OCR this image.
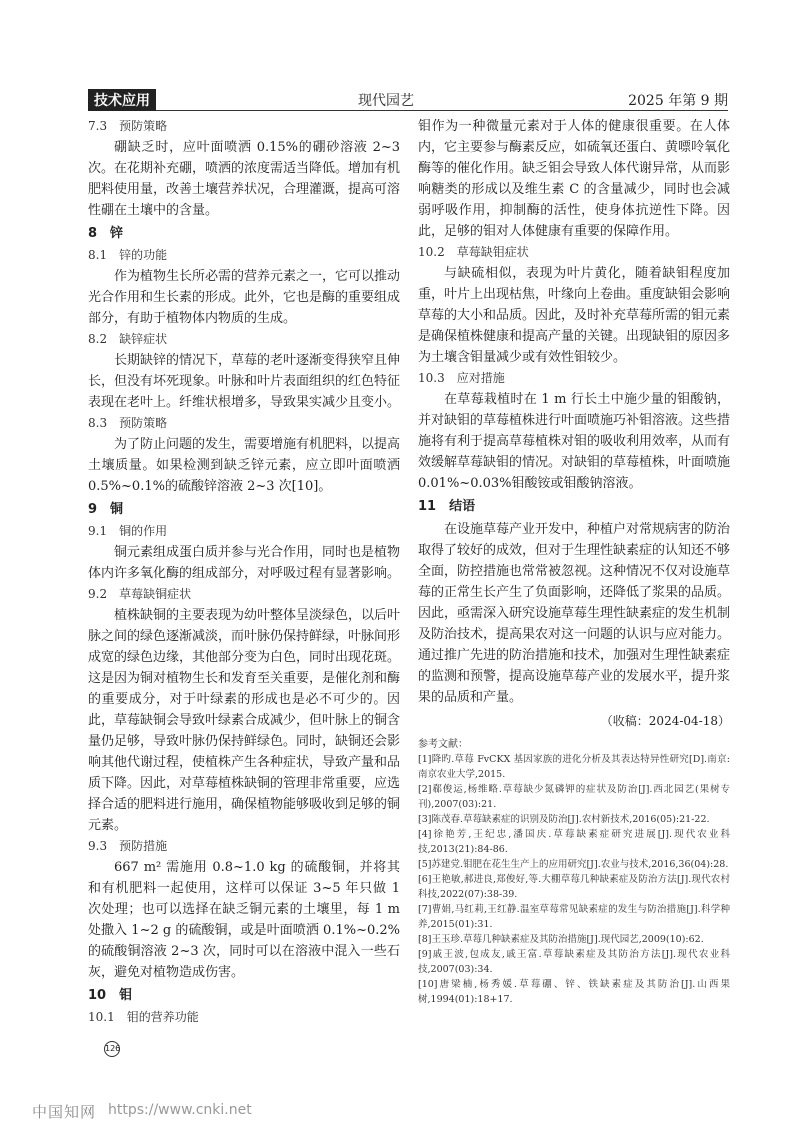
技术应用	现代园艺	2025 年第 9 期
7.3　预防策略
硼缺乏时，应叶面喷洒 0.15%的硼砂溶液 2~3 次。在花期补充硼，喷洒的浓度需适当降低。增加有机肥料使用量，改善土壤营养状况，合理灌溉，提高可溶性硼在土壤中的含量。
8　锌
8.1　锌的功能
作为植物生长所必需的营养元素之一，它可以推动光合作用和生长素的形成。此外，它也是酶的重要组成部分，有助于植物体内物质的生成。
8.2　缺锌症状
长期缺锌的情况下，草莓的老叶逐渐变得狭窄且伸长，但没有坏死现象。叶脉和叶片表面组织的红色特征表现在老叶上。纤维状根增多，导致果实减少且变小。
8.3　预防策略
为了防止问题的发生，需要增施有机肥料，以提高土壤质量。如果检测到缺乏锌元素，应立即叶面喷洒 0.5%~0.1%的硫酸锌溶液 2~3 次[10]。
9　铜
9.1　铜的作用
铜元素组成蛋白质并参与光合作用，同时也是植物体内许多氧化酶的组成部分，对呼吸过程有显著影响。
9.2　草莓缺铜症状
植株缺铜的主要表现为幼叶整体呈淡绿色，以后叶脉之间的绿色逐渐减淡，而叶脉仍保持鲜绿，叶脉间形成宽的绿色边缘，其他部分变为白色，同时出现花斑。这是因为铜对植物生长和发育至关重要，是催化剂和酶的重要成分，对于叶绿素的形成也是必不可少的。因此，草莓缺铜会导致叶绿素合成减少，但叶脉上的铜含量仍足够，导致叶脉仍保持鲜绿色。同时，缺铜还会影响其他代谢过程，使植株产生各种症状，导致产量和品质下降。因此，对草莓植株缺铜的管理非常重要，应选择合适的肥料进行施用，确保植物能够吸收到足够的铜元素。
9.3　预防措施
667 m² 需施用 0.8~1.0 kg 的硫酸铜，并将其和有机肥料一起使用，这样可以保证 3~5 年只做 1 次处理；也可以选择在缺乏铜元素的土壤里，每 1 m 处撒入 1~2 g 的硫酸铜，或是叶面喷洒 0.1%~0.2%的硫酸铜溶液 2~3 次，同时可以在溶液中混入一些石灰，避免对植物造成伤害。
10　钼
10.1　钼的营养功能
钼作为一种微量元素对于人体的健康很重要。在人体内，它主要参与酶素反应，如硫氧还蛋白、黄嘌呤氧化酶等的催化作用。缺乏钼会导致人体代谢异常，从而影响糖类的形成以及维生素 C 的含量减少，同时也会减弱呼吸作用，抑制酶的活性，使身体抗逆性下降。因此，足够的钼对人体健康有重要的保障作用。
10.2　草莓缺钼症状
与缺硫相似，表现为叶片黄化，随着缺钼程度加重，叶片上出现枯焦，叶缘向上卷曲。重度缺钼会影响草莓的大小和品质。因此，及时补充草莓所需的钼元素是确保植株健康和提高产量的关键。出现缺钼的原因多为土壤含钼量减少或有效性钼较少。
10.3　应对措施
在草莓栽植时在 1 m 行长土中施少量的钼酸钠，并对缺钼的草莓植株进行叶面喷施巧补钼溶液。这些措施将有利于提高草莓植株对钼的吸收利用效率，从而有效缓解草莓缺钼的情况。对缺钼的草莓植株，叶面喷施 0.01%~0.03%钼酸铵或钼酸钠溶液。
11　结语
在设施草莓产业开发中，种植户对常规病害的防治取得了较好的成效，但对于生理性缺素症的认知还不够全面，防控措施也常常被忽视。这种情况不仅对设施草莓的正常生长产生了负面影响，还降低了浆果的品质。因此，亟需深入研究设施草莓生理性缺素症的发生机制及防治技术，提高果农对这一问题的认识与应对能力。通过推广先进的防治措施和技术，加强对生理性缺素症的监测和预警，提高设施草莓产业的发展水平，提升浆果的品质和产量。
（收稿：2024-04-18）
参考文献：
[1]降旳.草莓 FvCKX 基因家族的进化分析及其表达特异性研究[D].南京:南京农业大学,2015.
[2]郗俊运,杨维略.草莓缺少氮磷钾的症状及防治[J].西北园艺(果树专刊),2007(03):21.
[3]陈茂春.草莓缺素症的识别及防治[J].农村新技术,2016(05):21-22.
[4]徐艳芳,王纪忠,潘国庆.草莓缺素症研究进展[J].现代农业科技,2013(21):84-86.
[5]苏建党.钼肥在花生生产上的应用研究[J].农业与技术,2016,36(04):28.
[6]王艳敏,郝进良,郑俊好,等.大棚草莓几种缺素症及防治方法[J].现代农村科技,2022(07):38-39.
[7]曹娟,马红莉,王红静.温室草莓常见缺素症的发生与防治措施[J].科学种养,2015(01):31.
[8]王玉珍.草莓几种缺素症及其防治措施[J].现代园艺,2009(10):62.
[9]戚王波,包成友,戚王富.草莓缺素症及其防治方法[J].现代农业科技,2007(03):34.
[10]唐梁楠,杨秀媛.草莓硼、锌、铁缺素症及其防治[J].山西果树,1994(01):18+17.
126
中国知网 https://www.cnki.net
